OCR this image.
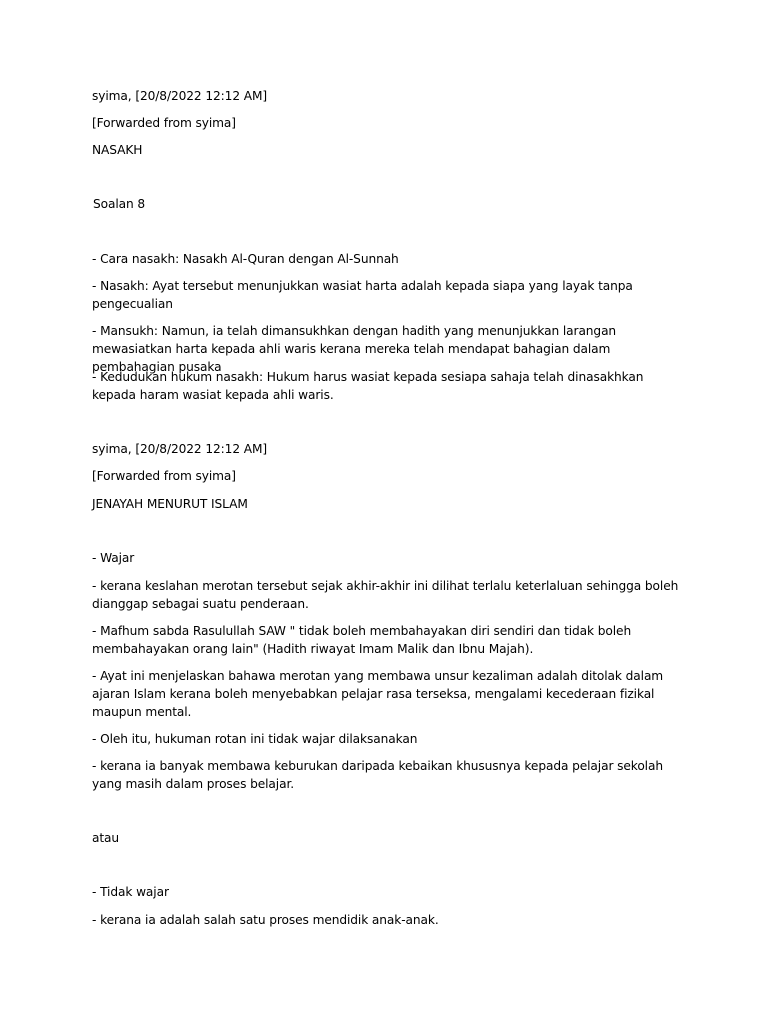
syima, [20/8/2022 12:12 AM]

[Forwarded from syima]

NASAKH

Soalan 8

- Cara nasakh: Nasakh Al-Quran dengan Al-Sunnah

- Nasakh: Ayat tersebut menunjukkan wasiat harta adalah kepada siapa yang layak tanpa pengecualian

- Mansukh: Namun, ia telah dimansukhkan dengan hadith yang menunjukkan larangan mewasiatkan harta kepada ahli waris kerana mereka telah mendapat bahagian dalam pembahagian pusaka

- Kedudukan hukum nasakh: Hukum harus wasiat kepada sesiapa sahaja telah dinasakhkan kepada haram wasiat kepada ahli waris.

syima, [20/8/2022 12:12 AM]

[Forwarded from syima]

JENAYAH MENURUT ISLAM

- Wajar

- kerana keslahan merotan tersebut sejak akhir-akhir ini dilihat terlalu keterlaluan sehingga boleh dianggap sebagai suatu penderaan.

- Mafhum sabda Rasulullah SAW " tidak boleh membahayakan diri sendiri dan tidak boleh membahayakan orang lain" (Hadith riwayat Imam Malik dan Ibnu Majah).

- Ayat ini menjelaskan bahawa merotan yang membawa unsur kezaliman adalah ditolak dalam ajaran Islam kerana boleh menyebabkan pelajar rasa terseksa, mengalami kecederaan fizikal maupun mental.

- Oleh itu, hukuman rotan ini tidak wajar dilaksanakan

- kerana ia banyak membawa keburukan daripada kebaikan khususnya kepada pelajar sekolah yang masih dalam proses belajar.

atau

- Tidak wajar

- kerana ia adalah salah satu proses mendidik anak-anak.
